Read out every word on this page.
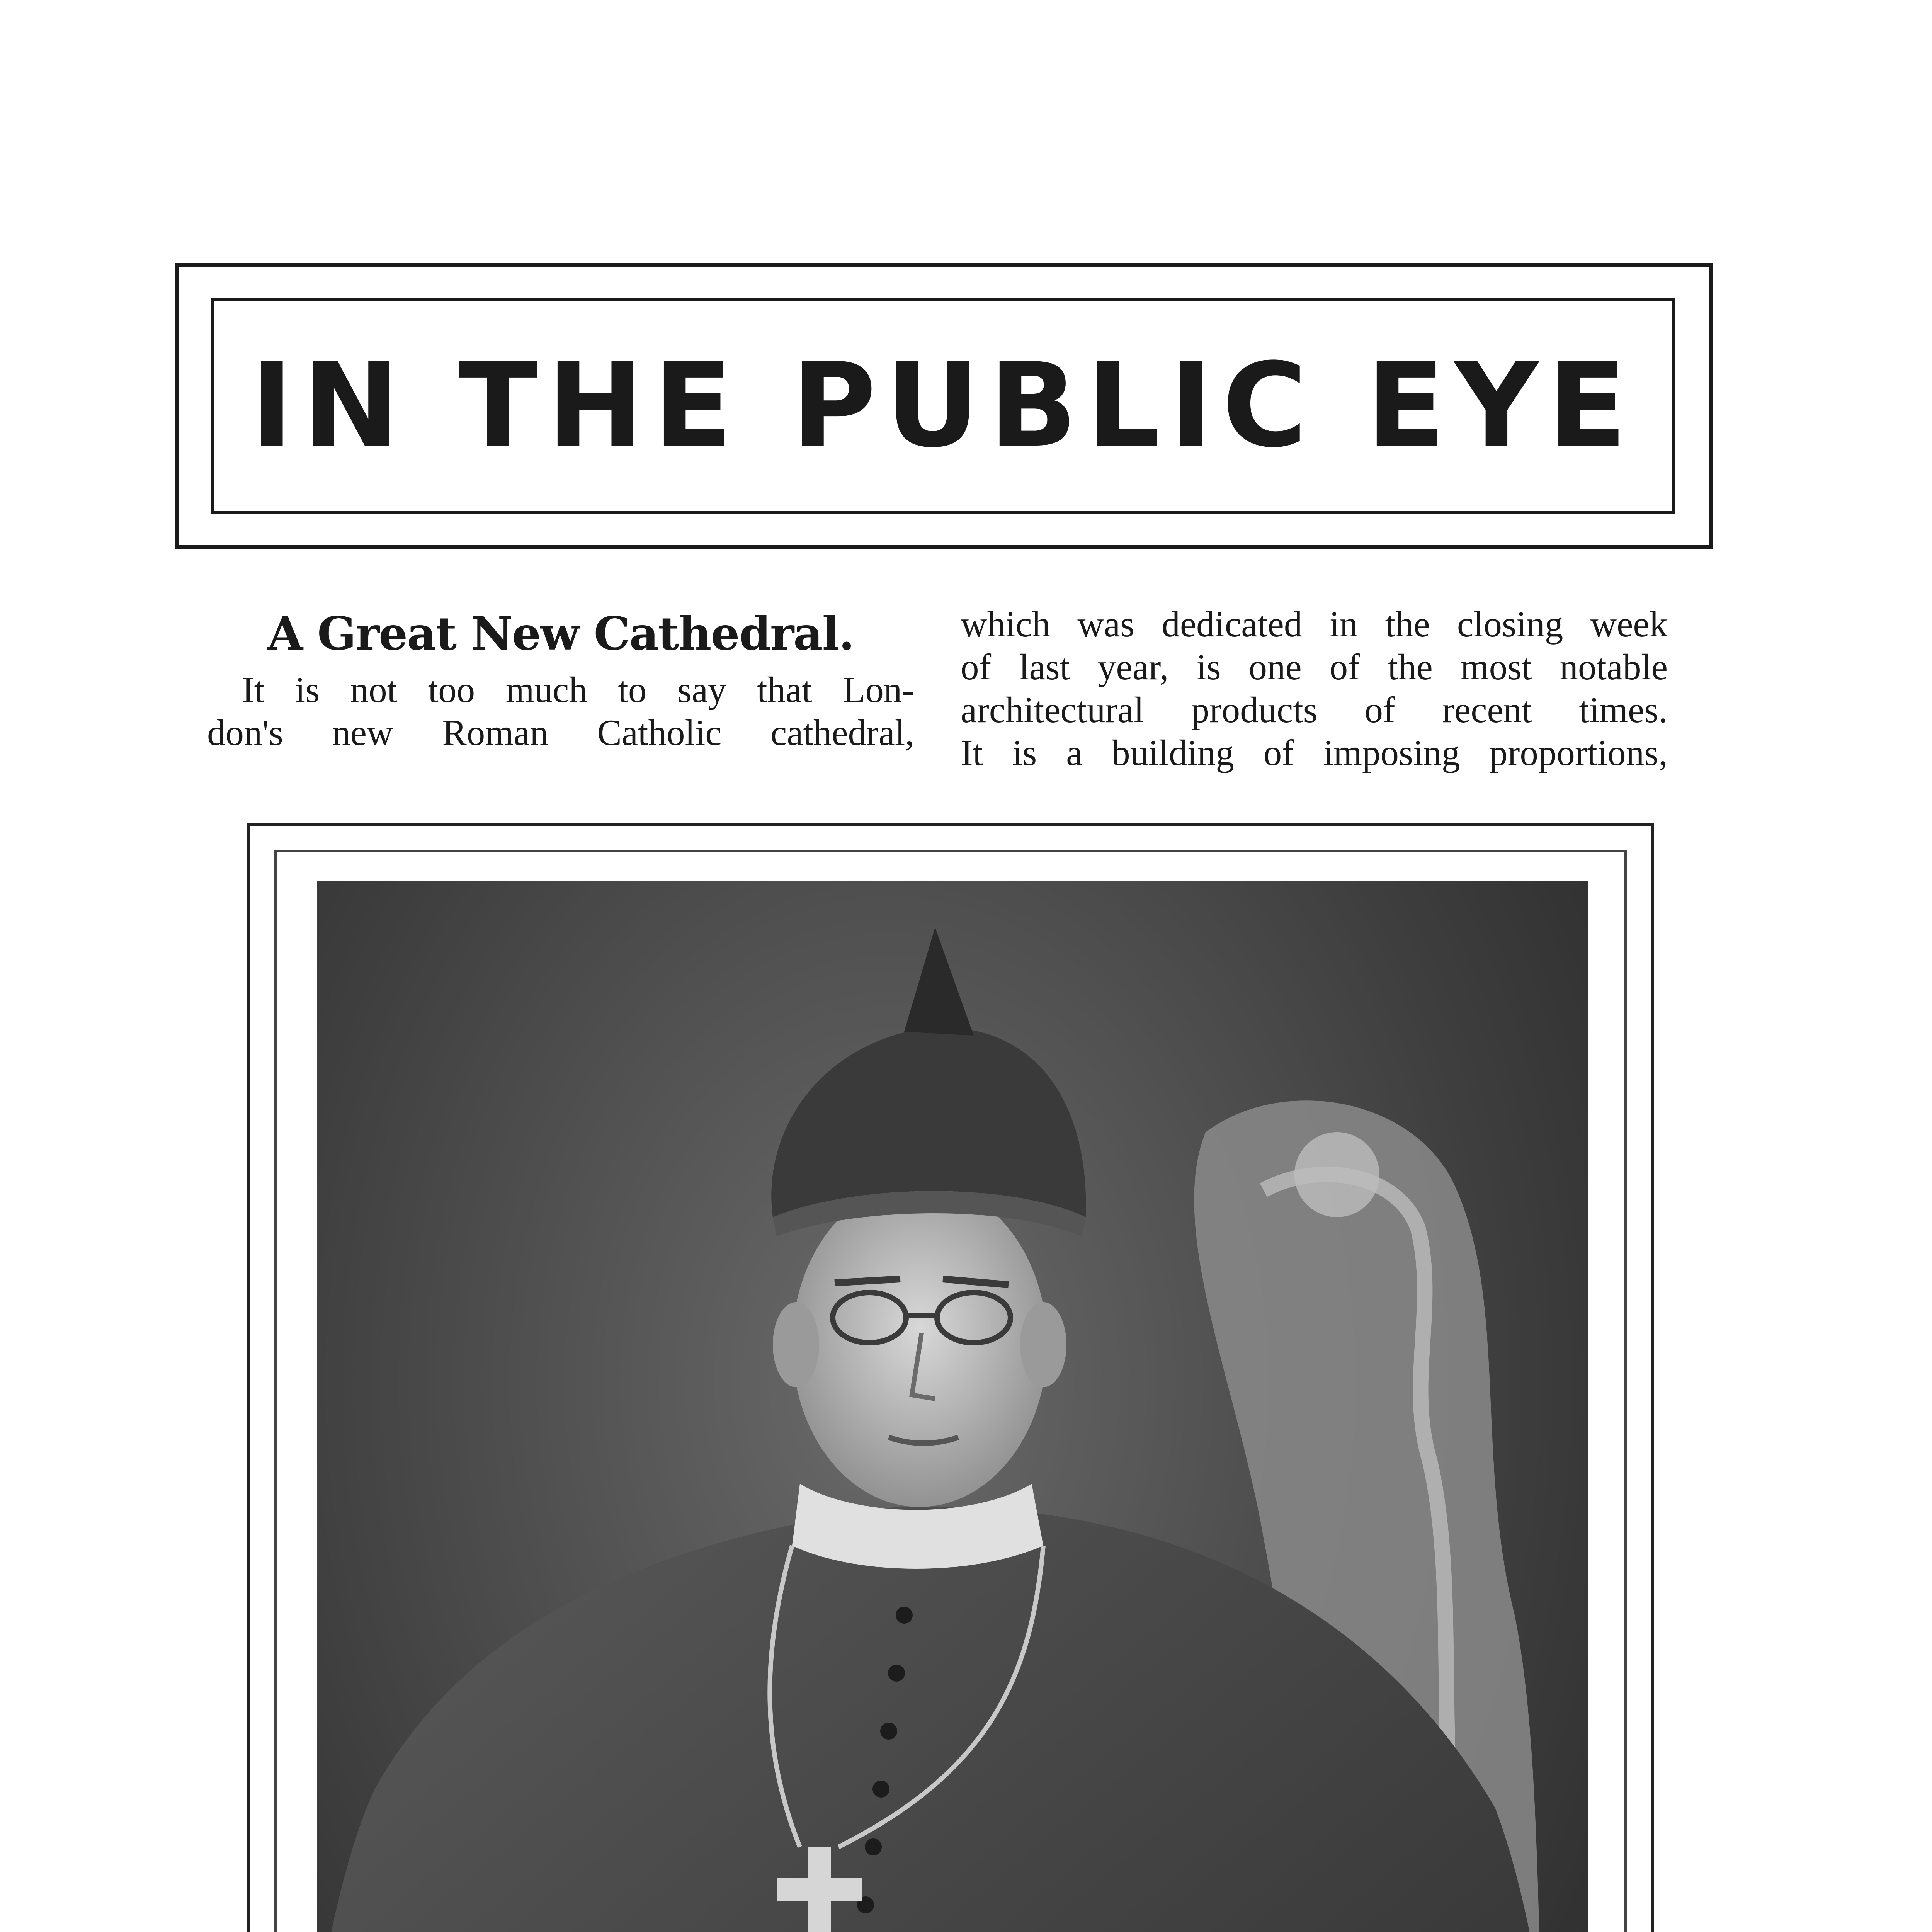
IN THE PUBLIC EYE
A Great New Cathedral.

It is not too much to say that Lon-
don's new Roman Catholic cathedral,

which was dedicated in the closing week
of last year, is one of the most notable
architectural products of recent times.
It is a building of imposing proportions,
